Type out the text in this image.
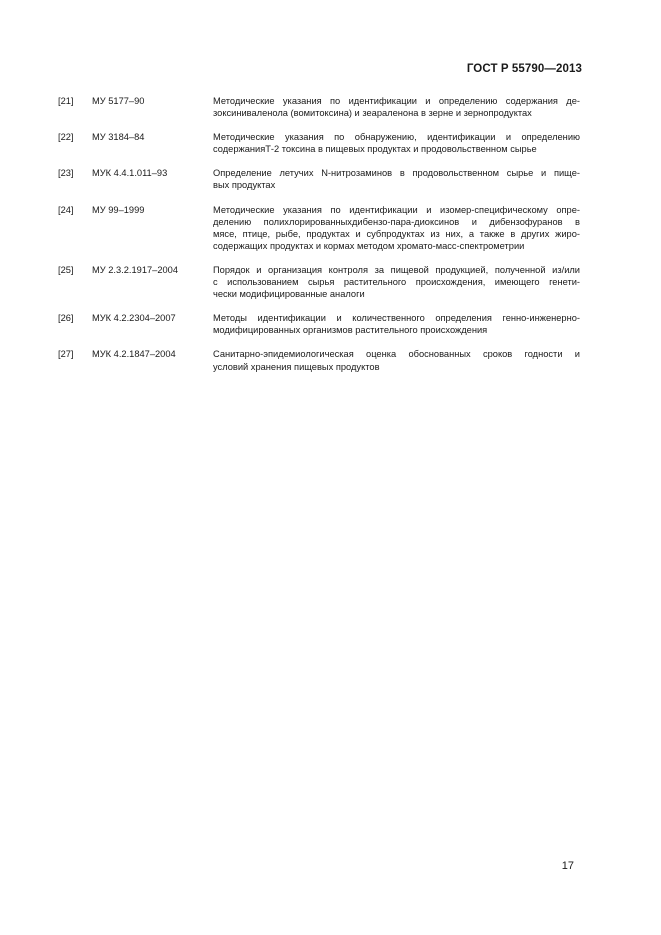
ГОСТ Р 55790—2013
[21]	МУ 5177–90	Методические указания по идентификации и определению содержания де-
зоксиниваленола (вомитоксина) и зеараленона в зерне и зернопродуктах
[22]	МУ 3184–84	Методические указания по обнаружению, идентификации и определению
содержанияТ-2 токсина в пищевых продуктах и продовольственном сырье
[23]	МУК 4.4.1.011–93	Определение летучих N-нитрозаминов в продовольственном сырье и пище-
вых продуктах
[24]	МУ 99–1999	Методические указания по идентификации и изомер-специфическому опре-
делению полихлорированныхдибензо-пара-диоксинов и дибензофуранов в
мясе, птице, рыбе, продуктах и субпродуктах из них, а также в других жиро-
содержащих продуктах и кормах методом хромато-масс-спектрометрии
[25]	МУ 2.3.2.1917–2004	Порядок и организация контроля за пищевой продукцией, полученной из/или
с использованием сырья растительного происхождения, имеющего генети-
чески модифицированные аналоги
[26]	МУК 4.2.2304–2007	Методы идентификации и количественного определения генно-инженерно-
модифицированных организмов растительного происхождения
[27]	МУК 4.2.1847–2004	Санитарно-эпидемиологическая оценка обоснованных сроков годности и
условий хранения пищевых продуктов
17
